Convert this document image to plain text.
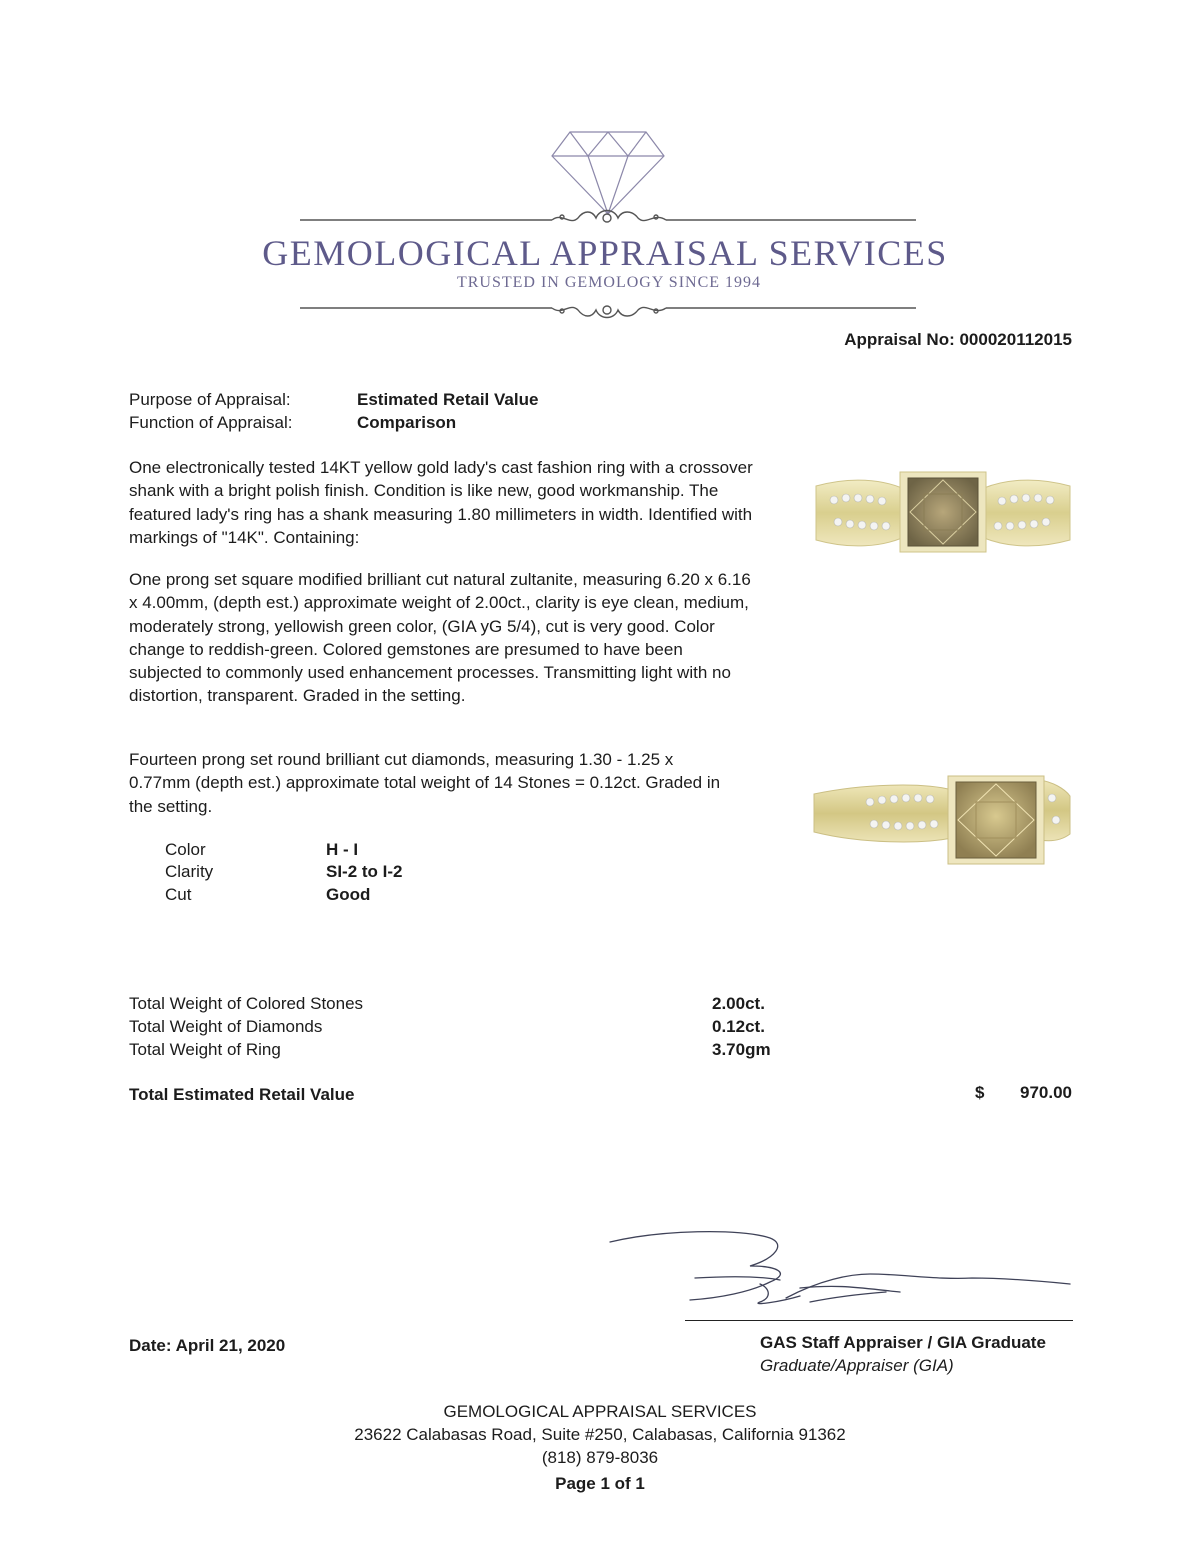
GEMOLOGICAL APPRAISAL SERVICES
TRUSTED IN GEMOLOGY SINCE 1994
Appraisal No: 000020112015
Purpose of Appraisal:	Estimated Retail Value
Function of Appraisal:	Comparison

One electronically tested 14KT yellow gold lady's cast fashion ring with a crossover shank with a bright polish finish. Condition is like new, good workmanship. The featured lady's ring has a shank measuring 1.80 millimeters in width. Identified with markings of "14K". Containing:

One prong set square modified brilliant cut natural zultanite, measuring 6.20 x 6.16 x 4.00mm, (depth est.) approximate weight of 2.00ct., clarity is eye clean, medium, moderately strong, yellowish green color, (GIA yG 5/4), cut is very good. Color change to reddish-green. Colored gemstones are presumed to have been subjected to commonly used enhancement processes. Transmitting light with no distortion, transparent. Graded in the setting.

Fourteen prong set round brilliant cut diamonds, measuring 1.30 - 1.25 x 0.77mm (depth est.) approximate total weight of 14 Stones = 0.12ct. Graded in the setting.

Color	H - I
Clarity	SI-2 to I-2
Cut	Good
Total Weight of Colored Stones	2.00ct.
Total Weight of Diamonds	0.12ct.
Total Weight of Ring	3.70gm
Total Estimated Retail Value	$ 970.00
Date: April 21, 2020	GAS Staff Appraiser / GIA Graduate
Graduate/Appraiser (GIA)
GEMOLOGICAL APPRAISAL SERVICES
23622 Calabasas Road, Suite #250, Calabasas, California 91362
(818) 879-8036
Page 1 of 1
